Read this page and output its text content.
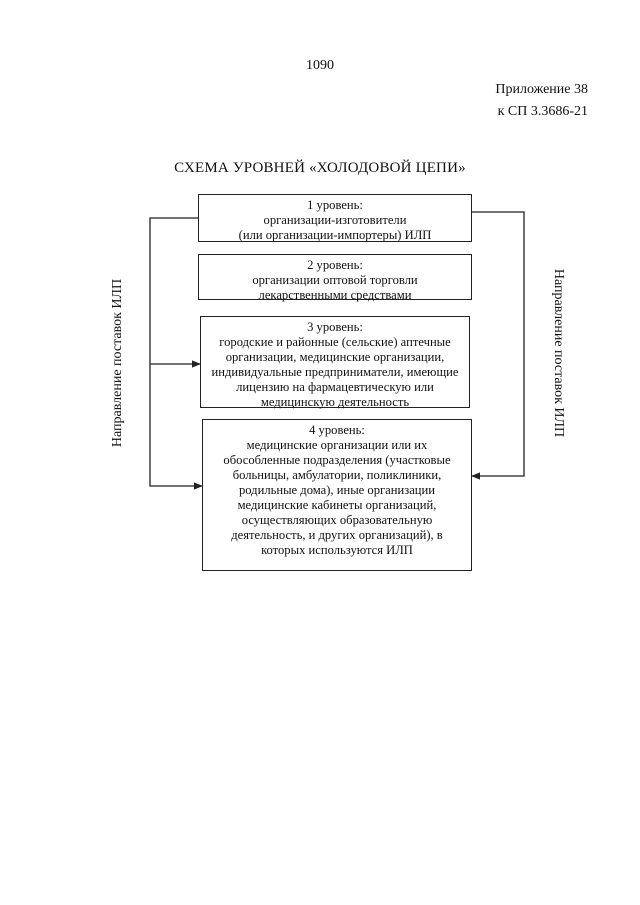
1090
Приложение 38
к СП 3.3686-21
СХЕМА УРОВНЕЙ «ХОЛОДОВОЙ ЦЕПИ»
1 уровень:
организации-изготовители
(или организации-импортеры) ИЛП
2 уровень:
организации оптовой торговли
лекарственными средствами
3 уровень:
городские и районные (сельские) аптечные
организации, медицинские организации,
индивидуальные предприниматели, имеющие
лицензию на фармацевтическую или
медицинскую деятельность
4 уровень:
медицинские организации или их
обособленные подразделения (участковые
больницы, амбулатории, поликлиники,
родильные дома), иные организации
медицинские кабинеты организаций,
осуществляющих образовательную
деятельность, и других организаций), в
которых используются ИЛП
Направление поставок ИЛП	Направление поставок ИЛП
